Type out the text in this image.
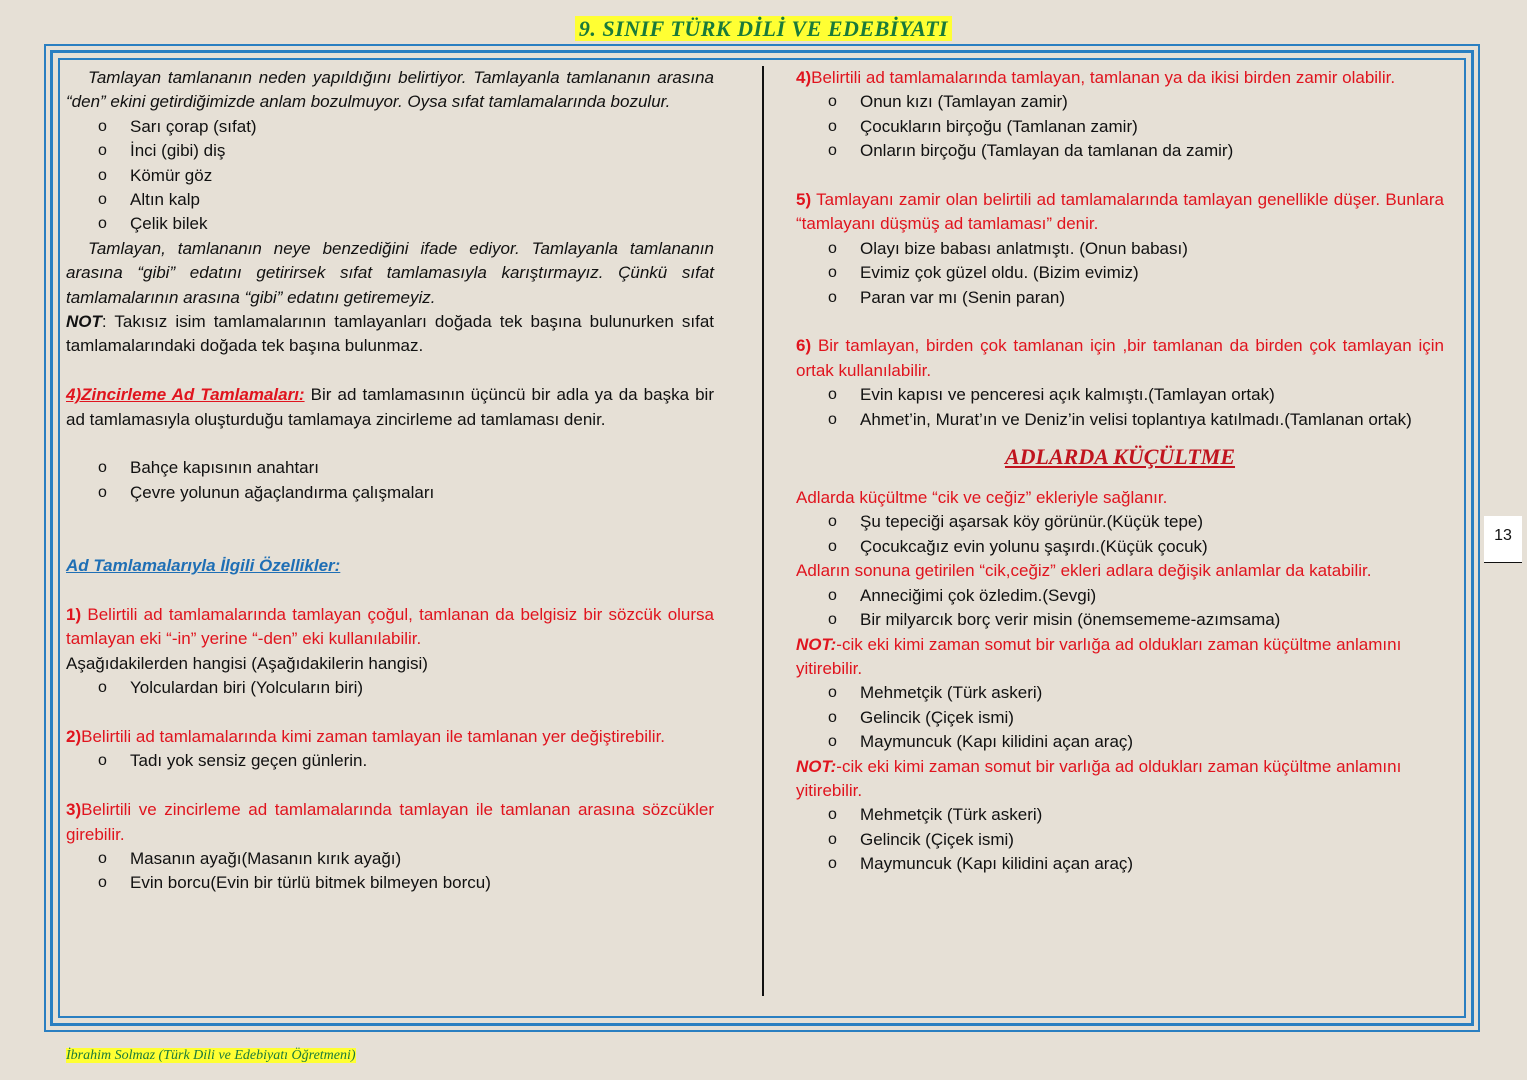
9. SINIF TÜRK DİLİ VE EDEBİYATI

Tamlayan tamlananın neden yapıldığını belirtiyor. Tamlayanla tamlananın arasına “den” ekini getirdiğimizde anlam bozulmuyor. Oysa sıfat tamlamalarında bozulur.

o Sarı çorap (sıfat)
o İnci (gibi) diş
o Kömür göz
o Altın kalp
o Çelik bilek

Tamlayan, tamlananın neye benzediğini ifade ediyor. Tamlayanla tamlananın arasına “gibi” edatını getirirsek sıfat tamlamasıyla karıştırmayız. Çünkü sıfat tamlamalarının arasına “gibi” edatını getiremeyiz.

NOT: Takısız isim tamlamalarının tamlayanları doğada tek başına bulunurken sıfat tamlamalarındaki doğada tek başına bulunmaz.

4)Zincirleme Ad Tamlamaları: Bir ad tamlamasının üçüncü bir adla ya da başka bir ad tamlamasıyla oluşturduğu tamlamaya zincirleme ad tamlaması denir.

o Bahçe kapısının anahtarı
o Çevre yolunun ağaçlandırma çalışmaları

Ad Tamlamalarıyla İlgili Özellikler:

1) Belirtili ad tamlamalarında tamlayan çoğul, tamlanan da belgisiz bir sözcük olursa tamlayan eki “-in” yerine “-den” eki kullanılabilir.

Aşağıdakilerden hangisi (Aşağıdakilerin hangisi)

o Yolculardan biri (Yolcuların biri)

2)Belirtili ad tamlamalarında kimi zaman tamlayan ile tamlanan yer değiştirebilir.

o Tadı yok sensiz geçen günlerin.

3)Belirtili ve zincirleme ad tamlamalarında tamlayan ile tamlanan arasına sözcükler girebilir.

o Masanın ayağı(Masanın kırık ayağı)
o Evin borcu(Evin bir türlü bitmek bilmeyen borcu)

4)Belirtili ad tamlamalarında tamlayan, tamlanan ya da ikisi birden zamir olabilir.

o Onun kızı (Tamlayan zamir)
o Çocukların birçoğu (Tamlanan zamir)
o Onların birçoğu (Tamlayan da tamlanan da zamir)

5) Tamlayanı zamir olan belirtili ad tamlamalarında tamlayan genellikle düşer. Bunlara “tamlayanı düşmüş ad tamlaması” denir.

o Olayı bize babası anlatmıştı. (Onun babası)
o Evimiz çok güzel oldu. (Bizim evimiz)
o Paran var mı (Senin paran)

6) Bir tamlayan, birden çok tamlanan için ,bir tamlanan da birden çok tamlayan için ortak kullanılabilir.

o Evin kapısı ve penceresi açık kalmıştı.(Tamlayan ortak)
o Ahmet’in, Murat’ın ve Deniz’in velisi toplantıya katılmadı.(Tamlanan ortak)
ADLARDA KÜÇÜLTME

Adlarda küçültme “cik ve ceğiz” ekleriyle sağlanır.

o Şu tepeciği aşarsak köy görünür.(Küçük tepe)
o Çocukcağız evin yolunu şaşırdı.(Küçük çocuk)

Adların sonuna getirilen “cik,ceğiz” ekleri adlara değişik anlamlar da katabilir.

o Anneciğimi çok özledim.(Sevgi)
o Bir milyarcık borç verir misin (önemsememe-azımsama)

NOT:-cik eki kimi zaman somut bir varlığa ad oldukları zaman küçültme anlamını yitirebilir.

o Mehmetçik (Türk askeri)
o Gelincik (Çiçek ismi)
o Maymuncuk (Kapı kilidini açan araç)

NOT:-cik eki kimi zaman somut bir varlığa ad oldukları zaman küçültme anlamını yitirebilir.

o Mehmetçik (Türk askeri)
o Gelincik (Çiçek ismi)
o Maymuncuk (Kapı kilidini açan araç)
13
İbrahim Solmaz (Türk Dili ve Edebiyatı Öğretmeni)
